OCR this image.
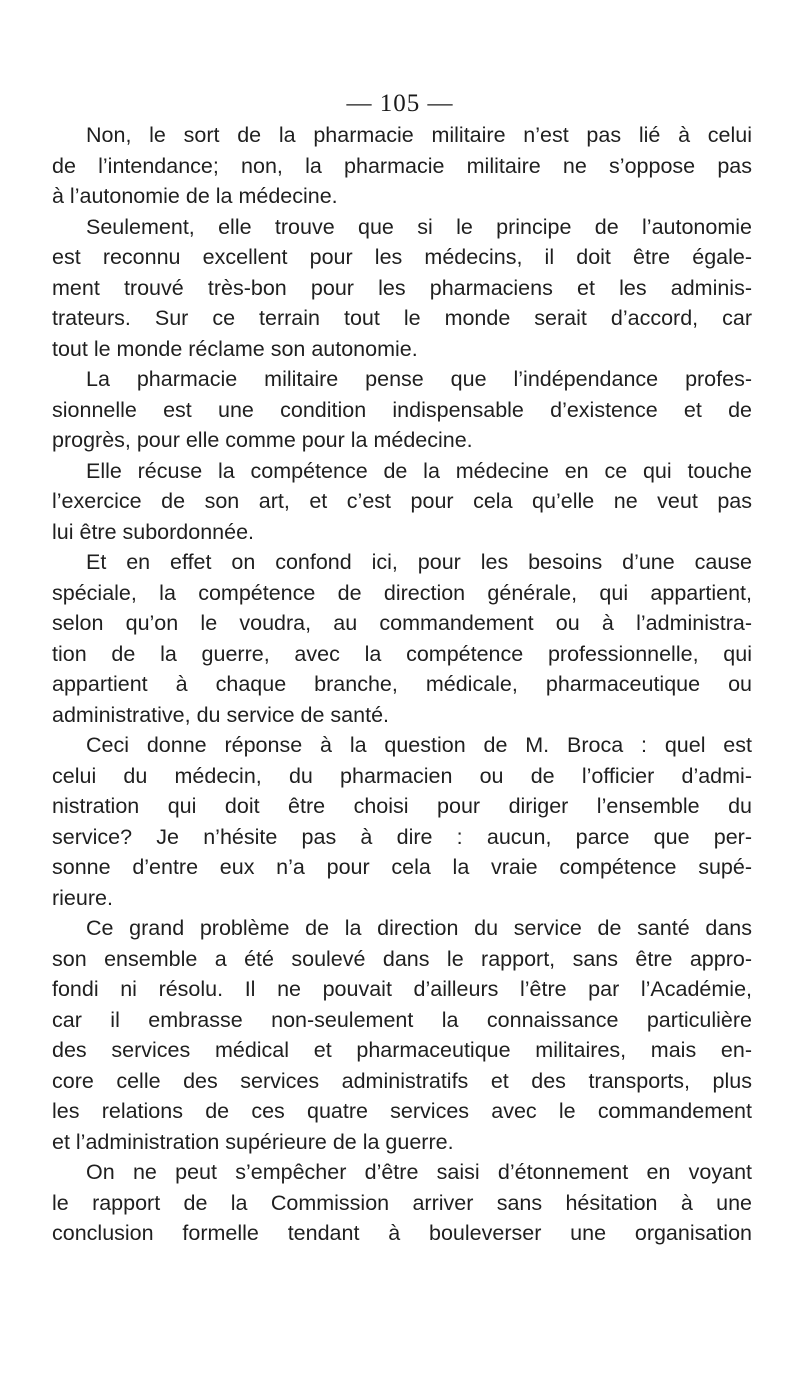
— 105 —
Non, le sort de la pharmacie militaire n’est pas lié à celui
de l’intendance; non, la pharmacie militaire ne s’oppose pas
à l’autonomie de la médecine.
Seulement, elle trouve que si le principe de l’autonomie
est reconnu excellent pour les médecins, il doit être égale-
ment trouvé très-bon pour les pharmaciens et les adminis-
trateurs. Sur ce terrain tout le monde serait d’accord, car
tout le monde réclame son autonomie.
La pharmacie militaire pense que l’indépendance profes-
sionnelle est une condition indispensable d’existence et de
progrès, pour elle comme pour la médecine.
Elle récuse la compétence de la médecine en ce qui touche
l’exercice de son art, et c’est pour cela qu’elle ne veut pas
lui être subordonnée.
Et en effet on confond ici, pour les besoins d’une cause
spéciale, la compétence de direction générale, qui appartient,
selon qu’on le voudra, au commandement ou à l’administra-
tion de la guerre, avec la compétence professionnelle, qui
appartient à chaque branche, médicale, pharmaceutique ou
administrative, du service de santé.
Ceci donne réponse à la question de M. Broca : quel est
celui du médecin, du pharmacien ou de l’officier d’admi-
nistration qui doit être choisi pour diriger l’ensemble du
service? Je n’hésite pas à dire : aucun, parce que per-
sonne d’entre eux n’a pour cela la vraie compétence supé-
rieure.
Ce grand problème de la direction du service de santé dans
son ensemble a été soulevé dans le rapport, sans être appro-
fondi ni résolu. Il ne pouvait d’ailleurs l’être par l’Académie,
car il embrasse non-seulement la connaissance particulière
des services médical et pharmaceutique militaires, mais en-
core celle des services administratifs et des transports, plus
les relations de ces quatre services avec le commandement
et l’administration supérieure de la guerre.
On ne peut s’empêcher d’être saisi d’étonnement en voyant
le rapport de la Commission arriver sans hésitation à une
conclusion formelle tendant à bouleverser une organisation
